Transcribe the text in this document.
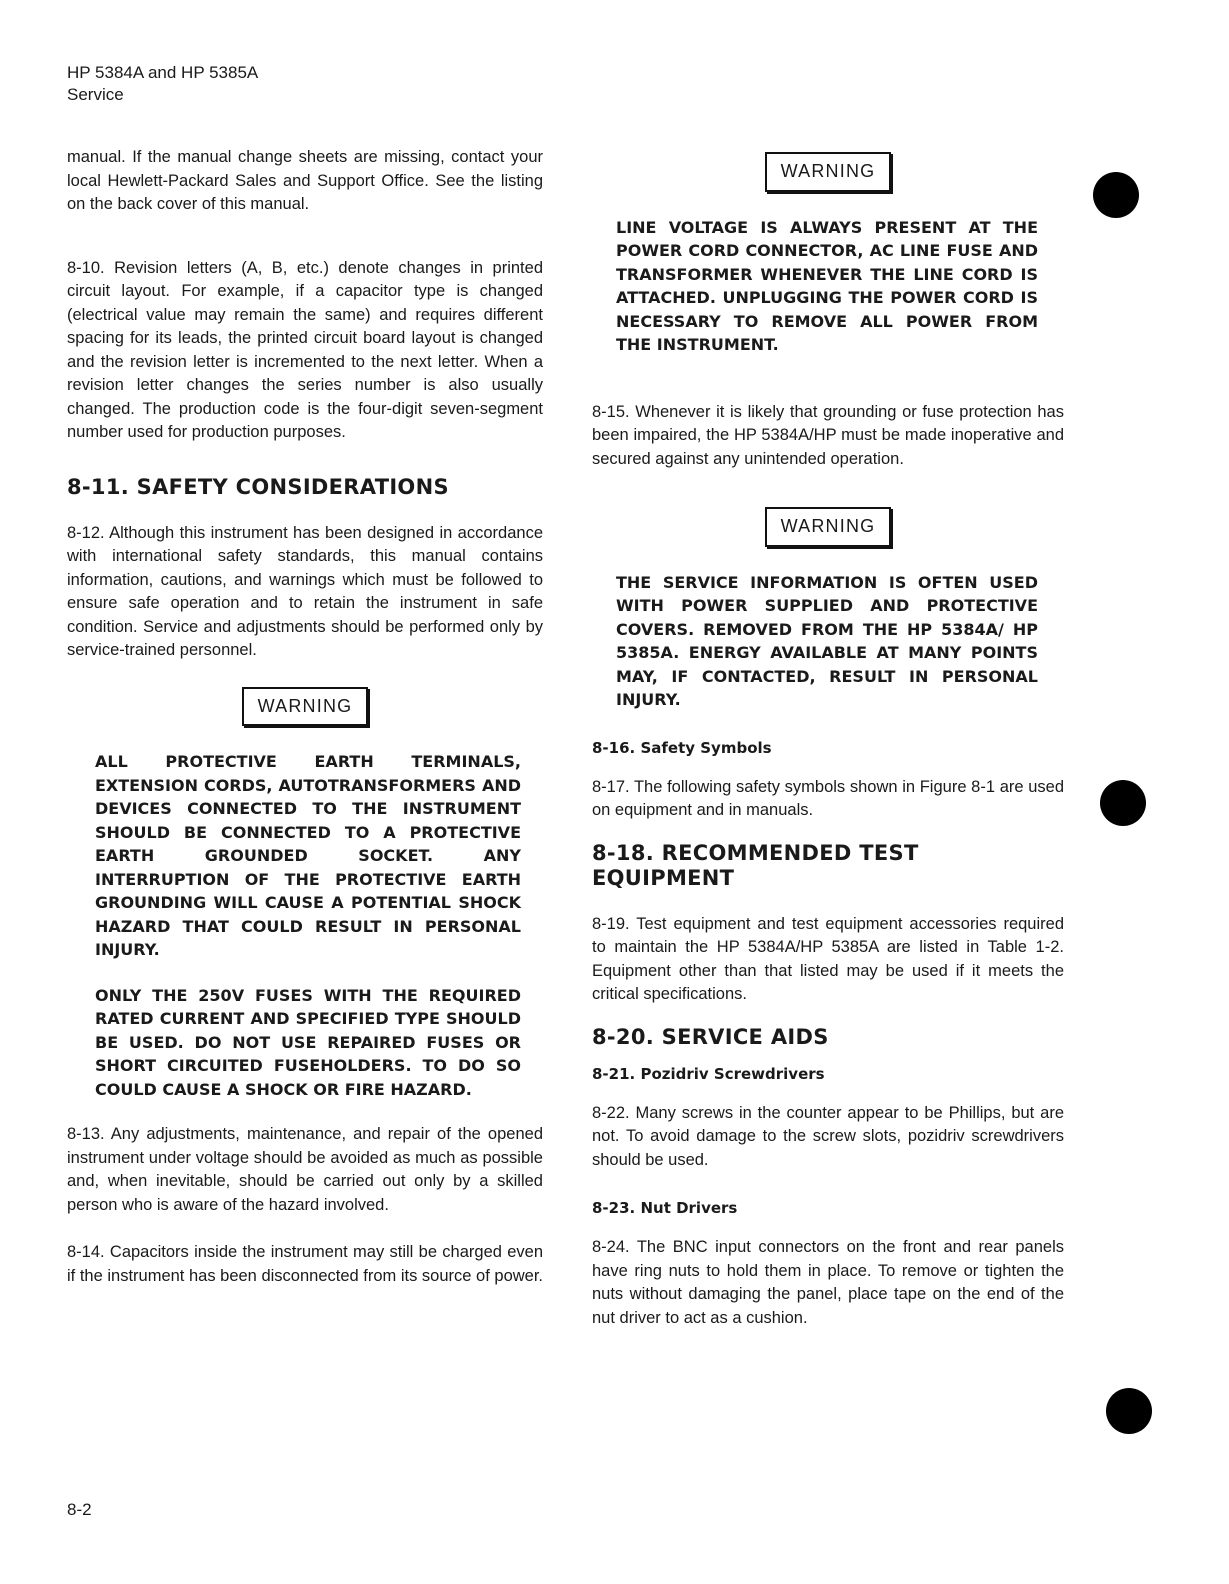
HP 5384A and HP 5385A
Service

manual. If the manual change sheets are missing, contact your local Hewlett-Packard Sales and Support Office. See the listing on the back cover of this manual.

8-10. Revision letters (A, B, etc.) denote changes in printed circuit layout. For example, if a capacitor type is changed (electrical value may remain the same) and requires different spacing for its leads, the printed circuit board layout is changed and the revision letter is incremented to the next letter. When a revision letter changes the series number is also usually changed. The production code is the four-digit seven-segment number used for production purposes.

8-11. SAFETY CONSIDERATIONS

8-12. Although this instrument has been designed in accordance with international safety standards, this manual contains information, cautions, and warnings which must be followed to ensure safe operation and to retain the instrument in safe condition. Service and adjustments should be performed only by service-trained personnel.

WARNING

ALL PROTECTIVE EARTH TERMINALS, EXTENSION CORDS, AUTOTRANSFORMERS AND DEVICES CONNECTED TO THE INSTRUMENT SHOULD BE CONNECTED TO A PROTECTIVE EARTH GROUNDED SOCKET. ANY INTERRUPTION OF THE PROTECTIVE EARTH GROUNDING WILL CAUSE A POTENTIAL SHOCK HAZARD THAT COULD RESULT IN PERSONAL INJURY.

ONLY THE 250V FUSES WITH THE REQUIRED RATED CURRENT AND SPECIFIED TYPE SHOULD BE USED. DO NOT USE REPAIRED FUSES OR SHORT CIRCUITED FUSEHOLDERS. TO DO SO COULD CAUSE A SHOCK OR FIRE HAZARD.

8-13. Any adjustments, maintenance, and repair of the opened instrument under voltage should be avoided as much as possible and, when inevitable, should be carried out only by a skilled person who is aware of the hazard involved.

8-14. Capacitors inside the instrument may still be charged even if the instrument has been disconnected from its source of power.

WARNING

LINE VOLTAGE IS ALWAYS PRESENT AT THE POWER CORD CONNECTOR, AC LINE FUSE AND TRANSFORMER WHENEVER THE LINE CORD IS ATTACHED. UNPLUGGING THE POWER CORD IS NECESSARY TO REMOVE ALL POWER FROM THE INSTRUMENT.

8-15. Whenever it is likely that grounding or fuse protection has been impaired, the HP 5384A/HP must be made inoperative and secured against any unintended operation.

WARNING

THE SERVICE INFORMATION IS OFTEN USED WITH POWER SUPPLIED AND PROTECTIVE COVERS. REMOVED FROM THE HP 5384A/ HP 5385A. ENERGY AVAILABLE AT MANY POINTS MAY, IF CONTACTED, RESULT IN PERSONAL INJURY.

8-16. Safety Symbols

8-17. The following safety symbols shown in Figure 8-1 are used on equipment and in manuals.

8-18. RECOMMENDED TEST EQUIPMENT

8-19. Test equipment and test equipment accessories required to maintain the HP 5384A/HP 5385A are listed in Table 1-2. Equipment other than that listed may be used if it meets the critical specifications.

8-20. SERVICE AIDS
8-21. Pozidriv Screwdrivers

8-22. Many screws in the counter appear to be Phillips, but are not. To avoid damage to the screw slots, pozidriv screwdrivers should be used.

8-23. Nut Drivers

8-24. The BNC input connectors on the front and rear panels have ring nuts to hold them in place. To remove or tighten the nuts without damaging the panel, place tape on the end of the nut driver to act as a cushion.

8-2
